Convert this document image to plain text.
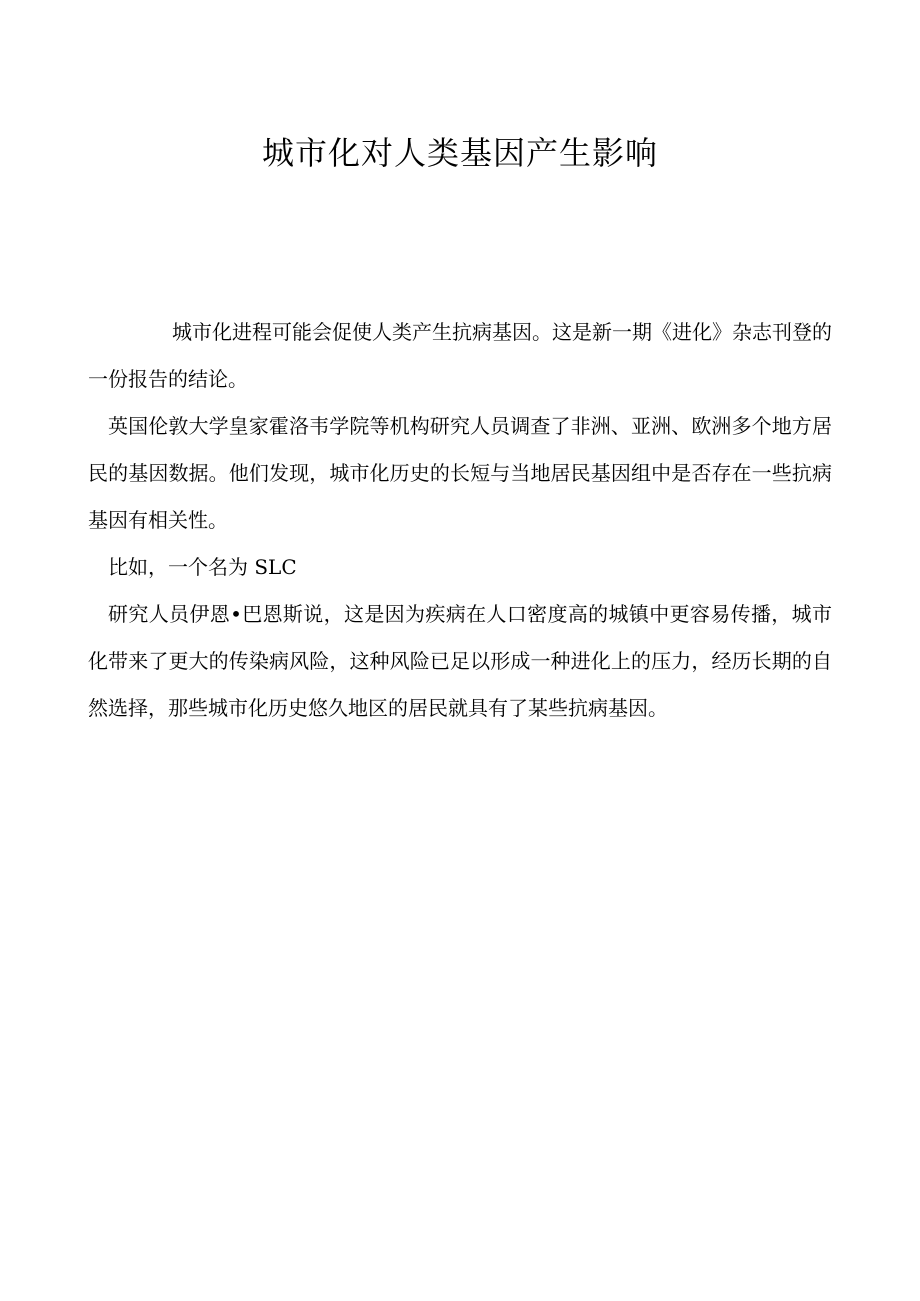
城市化对人类基因产生影响

城市化进程可能会促使人类产生抗病基因。这是新一期《进化》杂志刊登的一份报告的结论。

英国伦敦大学皇家霍洛韦学院等机构研究人员调查了非洲、亚洲、欧洲多个地方居民的基因数据。他们发现，城市化历史的长短与当地居民基因组中是否存在一些抗病基因有相关性。

比如，一个名为 SLC

研究人员伊恩•巴恩斯说，这是因为疾病在人口密度高的城镇中更容易传播，城市化带来了更大的传染病风险，这种风险已足以形成一种进化上的压力，经历长期的自然选择，那些城市化历史悠久地区的居民就具有了某些抗病基因。
